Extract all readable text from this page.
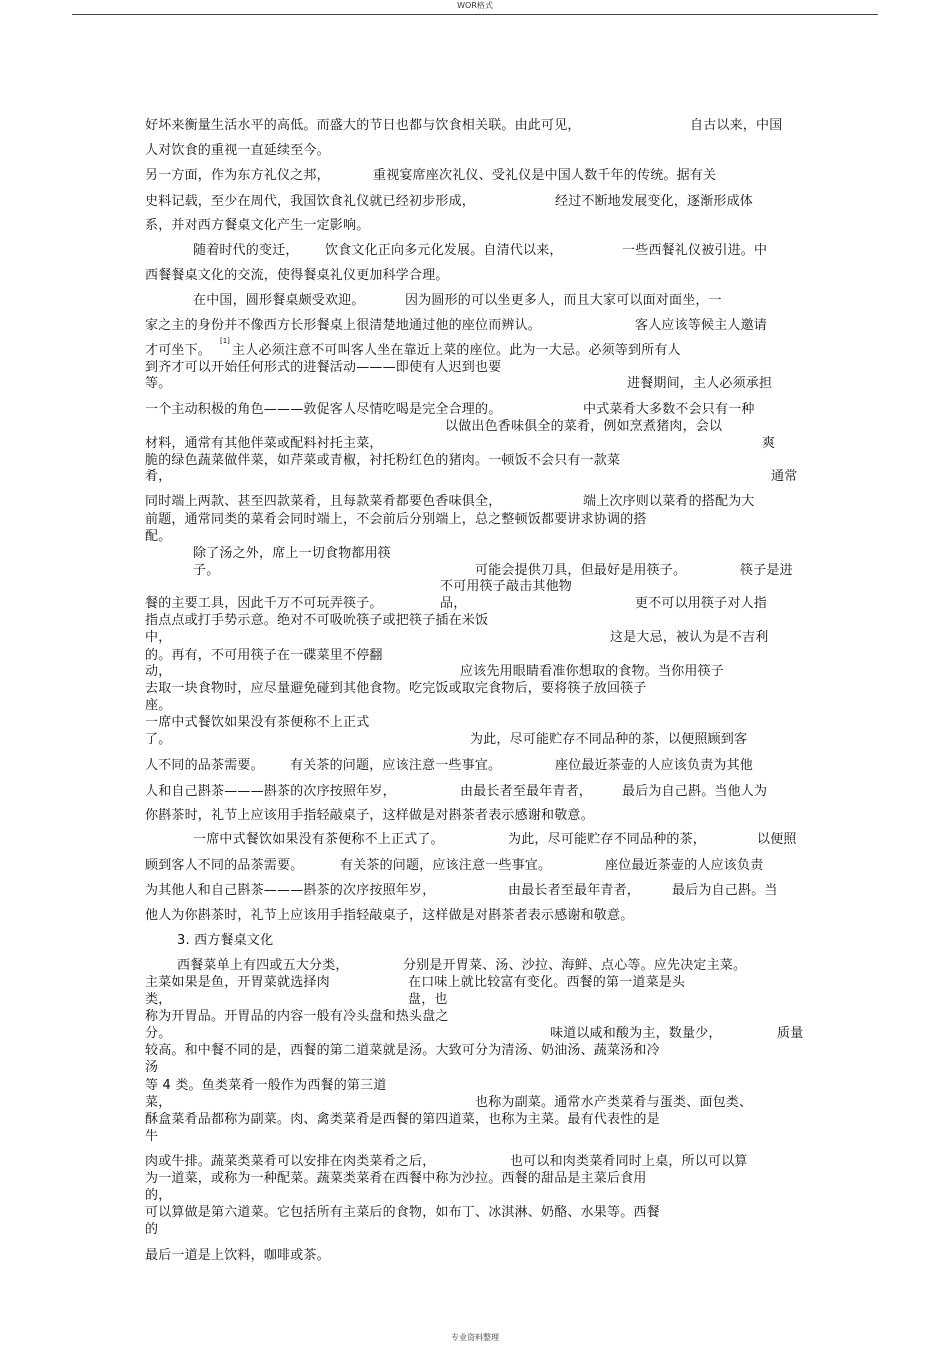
WOR格式
好坏来衡量生活水平的高低。而盛大的节日也都与饮食相关联。由此可见，	自古以来，中国
人对饮食的重视一直延续至今。
另一方面，作为东方礼仪之邦，	重视宴席座次礼仪、受礼仪是中国人数千年的传统。据有关
史料记载，至少在周代，我国饮食礼仪就已经初步形成，	经过不断地发展变化，逐渐形成体
系，并对西方餐桌文化产生一定影响。
随着时代的变迁， 饮食文化正向多元化发展。自清代以来，	一些西餐礼仪被引进。中
西餐餐桌文化的交流，使得餐桌礼仪更加科学合理。
在中国，圆形餐桌颇受欢迎。	因为圆形的可以坐更多人，而且大家可以面对面坐，一
家之主的身份并不像西方长形餐桌上很清楚地通过他的座位而辨认。	客人应该等候主人邀请
才可坐下。
[1]
主人必须注意不可叫客人坐在靠近上菜的座位。此为一大忌。必须等到所有人
到齐才可以开始任何形式的进餐活动———即使有人迟到也要
等。	进餐期间，主人必须承担
一个主动积极的角色———敦促客人尽情吃喝是完全合理的。	中式菜肴大多数不会只有一种
以做出色香味俱全的菜肴，例如烹煮猪肉，会以
材料，通常有其他伴菜或配料衬托主菜，	爽
脆的绿色蔬菜做伴菜，如芹菜或青椒，衬托粉红色的猪肉。一顿饭不会只有一款菜
肴，	通常
同时端上两款、甚至四款菜肴，且每款菜肴都要色香味俱全，	端上次序则以菜肴的搭配为大
前题，通常同类的菜肴会同时端上，不会前后分别端上，总之整顿饭都要讲求协调的搭
配。
除了汤之外，席上一切食物都用筷
子。	可能会提供刀具，但最好是用筷子。	筷子是进
不可用筷子敲击其他物
餐的主要工具，因此千万不可玩弄筷子。	品，	更不可以用筷子对人指
指点点或打手势示意。绝对不可吸吮筷子或把筷子插在米饭
中，	这是大忌，被认为是不吉利
的。再有，不可用筷子在一碟菜里不停翻
动，	应该先用眼睛看准你想取的食物。当你用筷子
去取一块食物时，应尽量避免碰到其他食物。吃完饭或取完食物后，要将筷子放回筷子
座。
一席中式餐饮如果没有茶便称不上正式
了。	为此，尽可能贮存不同品种的茶，以便照顾到客
人不同的品茶需要。 有关茶的问题，应该注意一些事宜。	座位最近茶壶的人应该负责为其他
人和自己斟茶———斟茶的次序按照年岁，	由最长者至最年青者， 最后为自己斟。当他人为
你斟茶时，礼节上应该用手指轻敲桌子，这样做是对斟茶者表示感谢和敬意。
一席中式餐饮如果没有茶便称不上正式了。	为此，尽可能贮存不同品种的茶，	以便照
顾到客人不同的品茶需要。	有关茶的问题，应该注意一些事宜。	座位最近茶壶的人应该负责
为其他人和自己斟茶———斟茶的次序按照年岁，	由最长者至最年青者， 最后为自己斟。当
他人为你斟茶时，礼节上应该用手指轻敲桌子，这样做是对斟茶者表示感谢和敬意。
3. 西方餐桌文化
西餐菜单上有四或五大分类，	分别是开胃菜、汤、沙拉、海鲜、点心等。应先决定主菜。
主菜如果是鱼，开胃菜就选择肉	在口味上就比较富有变化。西餐的第一道菜是头
类，	盘，也
称为开胃品。开胃品的内容一般有冷头盘和热头盘之
分。	味道以咸和酸为主，数量少，	质量
较高。和中餐不同的是，西餐的第二道菜就是汤。大致可分为清汤、奶油汤、蔬菜汤和冷
汤
等 4 类。鱼类菜肴一般作为西餐的第三道
菜，	也称为副菜。通常水产类菜肴与蛋类、面包类、
酥盒菜肴品都称为副菜。肉、禽类菜肴是西餐的第四道菜，也称为主菜。最有代表性的是
牛
肉或牛排。蔬菜类菜肴可以安排在肉类菜肴之后，	也可以和肉类菜肴同时上桌，所以可以算
为一道菜，或称为一种配菜。蔬菜类菜肴在西餐中称为沙拉。西餐的甜品是主菜后食用
的，
可以算做是第六道菜。它包括所有主菜后的食物，如布丁、冰淇淋、奶酪、水果等。西餐
的
最后一道是上饮料，咖啡或茶。
专业资料整理
